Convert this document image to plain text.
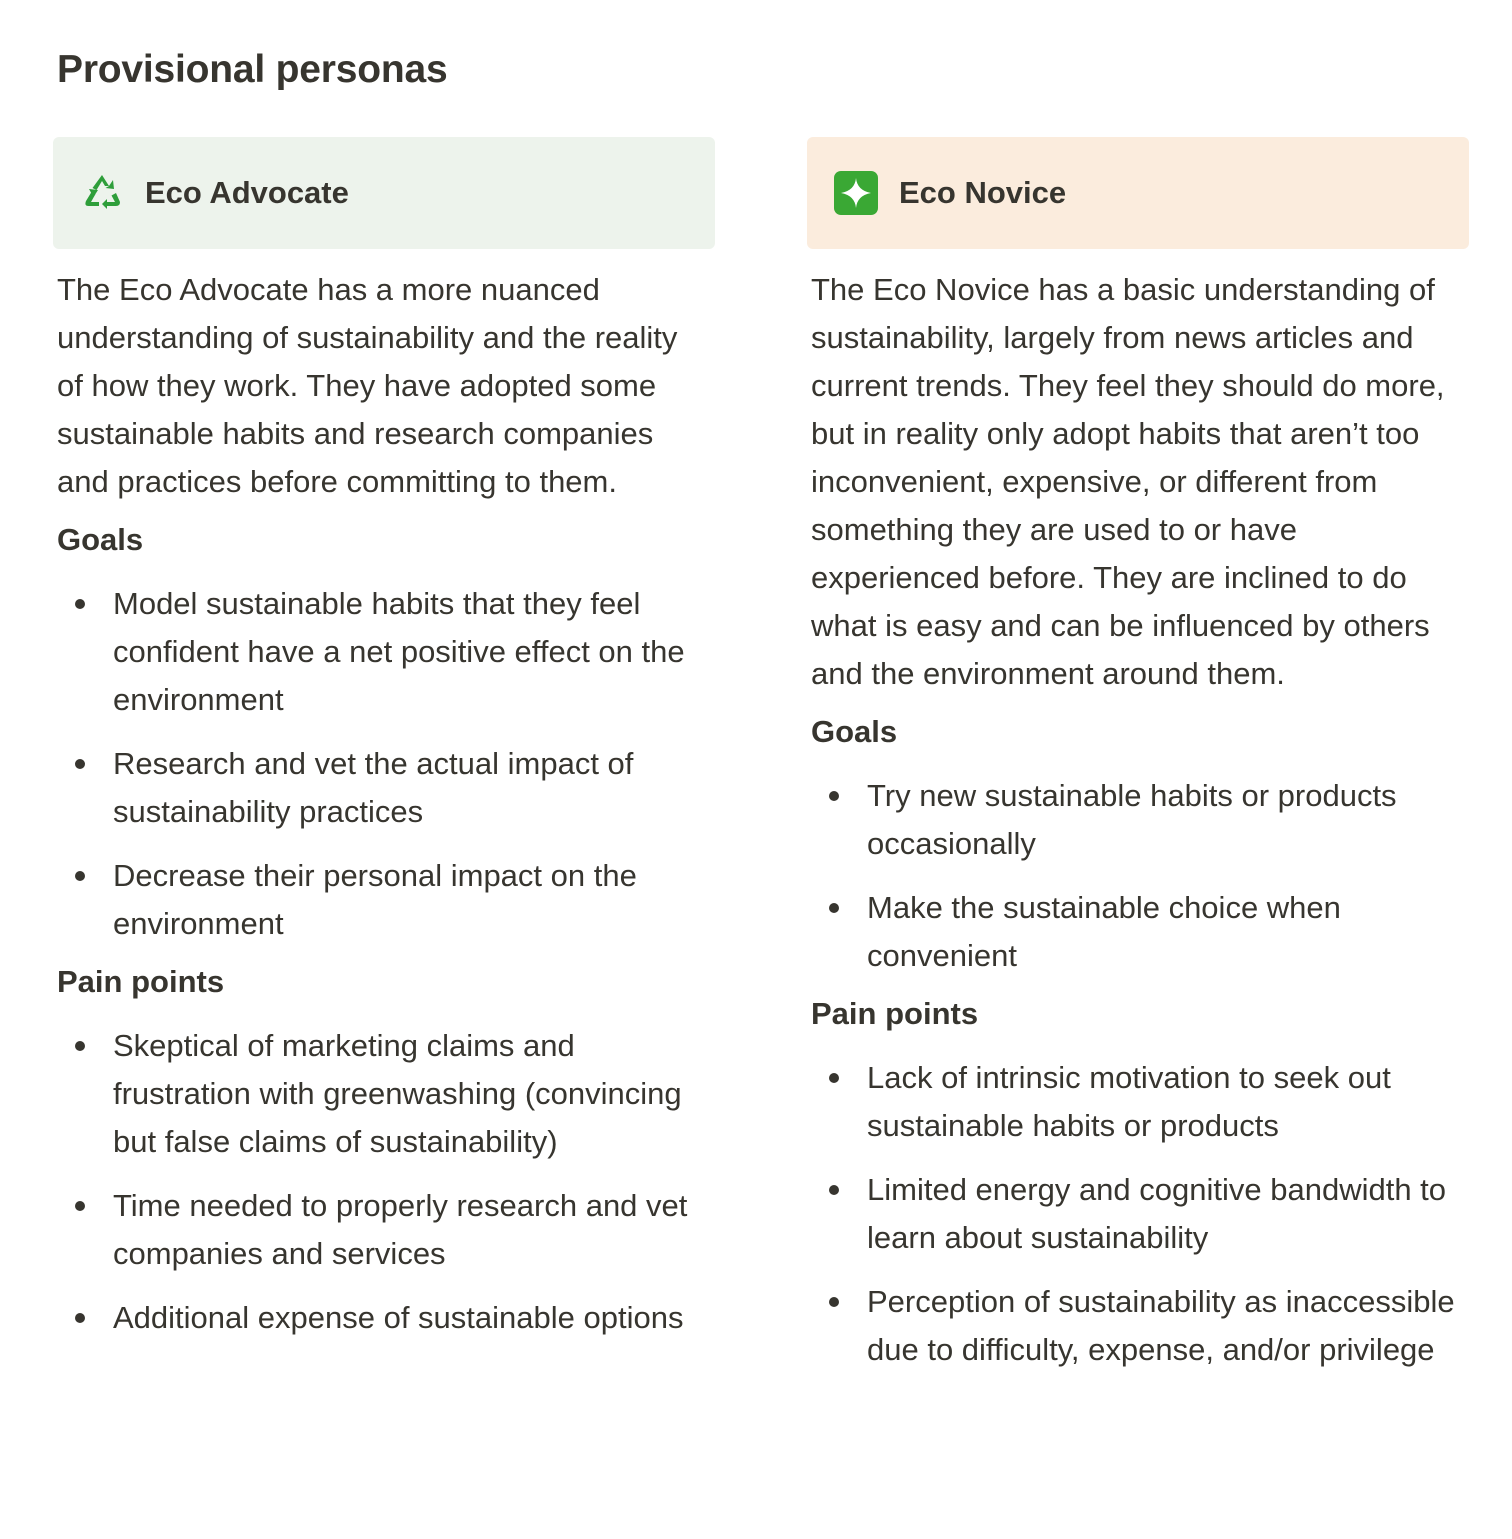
Provisional personas
Eco Advocate

The Eco Advocate has a more nuanced understanding of sustainability and the reality of how they work. They have adopted some sustainable habits and research companies and practices before committing to them.

Goals
Model sustainable habits that they feel confident have a net positive effect on the environment
Research and vet the actual impact of sustainability practices
Decrease their personal impact on the environment
Pain points
Skeptical of marketing claims and frustration with greenwashing (convincing but false claims of sustainability)
Time needed to properly research and vet companies and services
Additional expense of sustainable options
Eco Novice

The Eco Novice has a basic understanding of sustainability, largely from news articles and current trends. They feel they should do more, but in reality only adopt habits that aren’t too inconvenient, expensive, or different from something they are used to or have experienced before. They are inclined to do what is easy and can be influenced by others and the environment around them.

Goals
Try new sustainable habits or products occasionally
Make the sustainable choice when convenient
Pain points
Lack of intrinsic motivation to seek out sustainable habits or products
Limited energy and cognitive bandwidth to learn about sustainability
Perception of sustainability as inaccessible due to difficulty, expense, and/or privilege
